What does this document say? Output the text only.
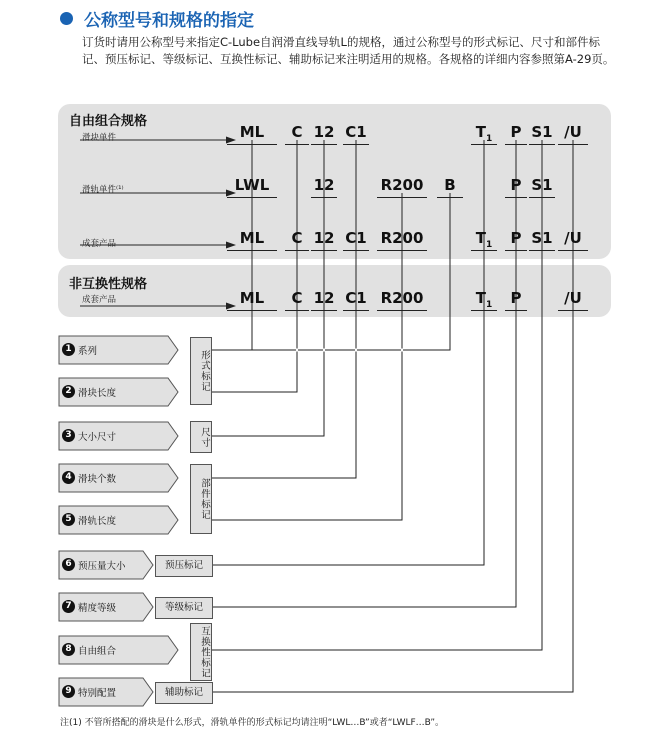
公称型号和规格的指定
订货时请用公称型号来指定C-Lube自润滑直线导轨L的规格，通过公称型号的形式标记、尺寸和部件标记、预压标记、等级标记、互换性标记、辅助标记来注明适用的规格。各规格的详细内容参照第A-29页。
自由组合规格
非互换性规格
滑块单件
滑轨单件⁽¹⁾
成套产品
成套产品
ML C 12 C1	$T_1$ P S1 /U
LWL	12	R200 B	P S1
ML C 12 C1 R200	$T_1$ P S1 /U
ML C 12 C1 R200	$T_1$ P	/U
1 系列
2 滑块长度
3 大小尺寸
4 滑块个数
5 滑轨长度
6 预压量大小
7 精度等级
8 自由组合
9 特别配置
形式标记
尺寸
部件标记
预压标记
等级标记
互换性标记
辅助标记
注(1) 不管所搭配的滑块是什么形式，滑轨单件的形式标记均请注明“LWL…B”或者“LWLF…B”。
